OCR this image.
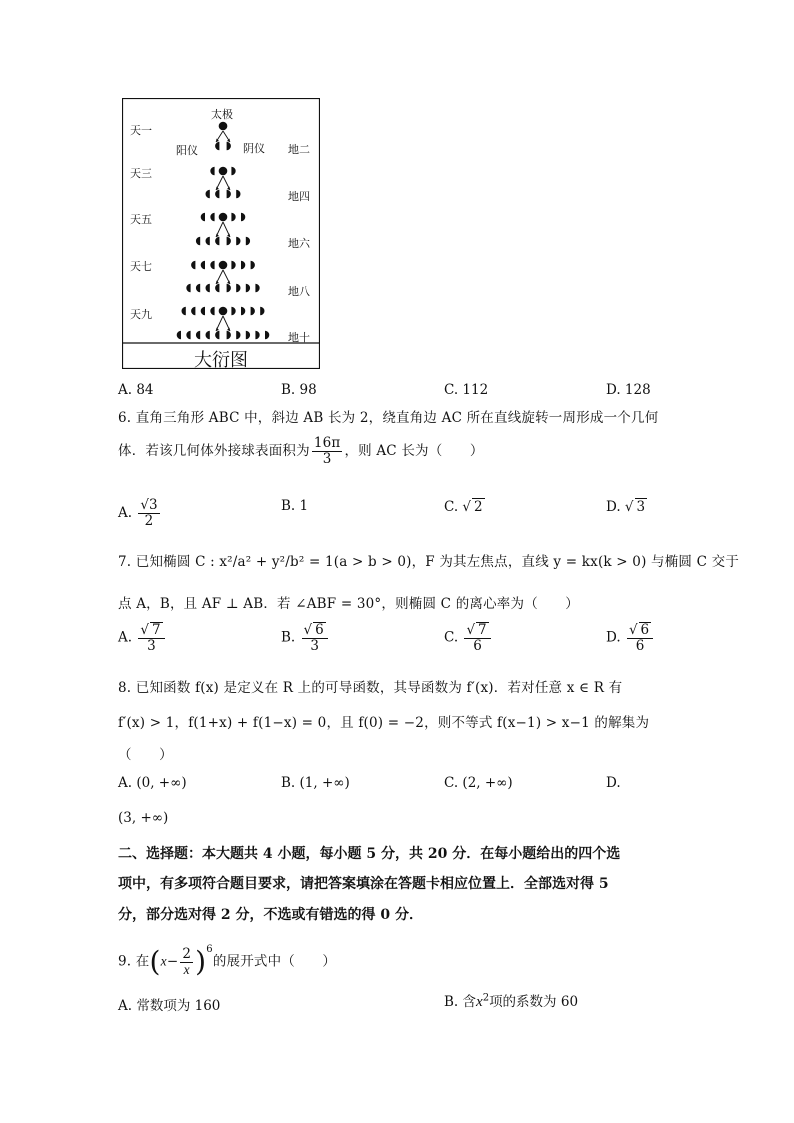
太极
阳仪	阴仪
天一
天三
天五
天七
天九
地二
地四
地六
地八
地十
大衍图
A. 84	B. 98	C. 112	D. 128
6. 直角三角形 ABC 中，斜边 AB 长为 2，绕直角边 AC 所在直线旋转一周形成一个几何
体．若该几何体外接球表面积为 $\frac{16\pi}{3}$ ，则 AC 长为（　　）
A. $\frac{√3}{2}$	B. 1	C. √ 2	D. √ 3
7. 已知椭圆 C : x²/a² + y²/b² = 1(a > b > 0)，F 为其左焦点，直线 y = kx(k > 0) 与椭圆 C 交于
点 A，B，且 AF ⊥ AB．若 ∠ABF = 30°，则椭圆 C 的离心率为（　　）
A. $\frac{√ 7}{3}$	B. $\frac{√ 6}{3}$	C. $\frac{√ 7}{6}$	D. $\frac{√ 6}{6}$
8. 已知函数 f(x) 是定义在 R 上的可导函数，其导函数为 f′(x)．若对任意 x ∈ R 有
f′(x) > 1，f(1+x) + f(1−x) = 0，且 f(0) = −2，则不等式 f(x−1) > x−1 的解集为
（　　）
A. (0, +∞)	B. (1, +∞)	C. (2, +∞)	D.
(3, +∞)
二、选择题：本大题共 4 小题，每小题 5 分，共 20 分．在每小题给出的四个选
项中，有多项符合题目要求，请把答案填涂在答题卡相应位置上．全部选对得 5
分，部分选对得 2 分，不选或有错选的得 0 分．
9. 在$(x- \frac{2}{x} )^6$的展开式中（　　）
A. 常数项为 160	B. 含$x^2$项的系数为 60
